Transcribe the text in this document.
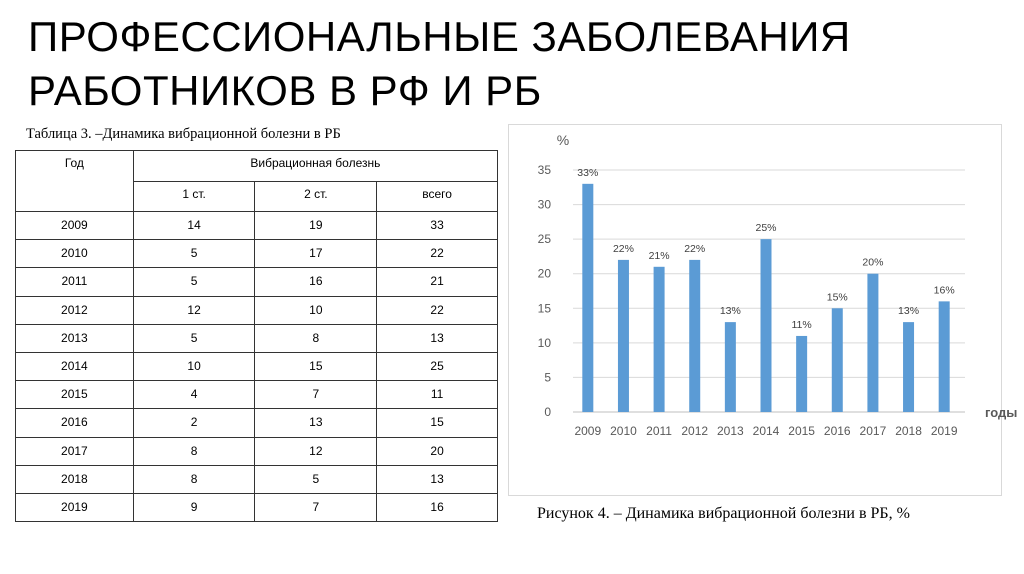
ПРОФЕССИОНАЛЬНЫЕ ЗАБОЛЕВАНИЯ
РАБОТНИКОВ В РФ И РБ
Таблица 3. –Динамика вибрационной болезни в РБ
Год	Вибрационная болезнь		
	1 ст.	2 ст.	всего
2009	14	19	33
2010	5	17	22
2011	5	16	21
2012	12	10	22
2013	5	8	13
2014	10	15	25
2015	4	7	11
2016	2	13	15
2017	8	12	20
2018	8	5	13
2019	9	7	16
0
5
10
15
20
25
30
35
%
годы
33%
2009
22%
2010
21%
2011
22%
2012
13%
2013
25%
2014
11%
2015
15%
2016
20%
2017
13%
2018
16%
2019
Рисунок 4. – Динамика вибрационной болезни в РБ, %
